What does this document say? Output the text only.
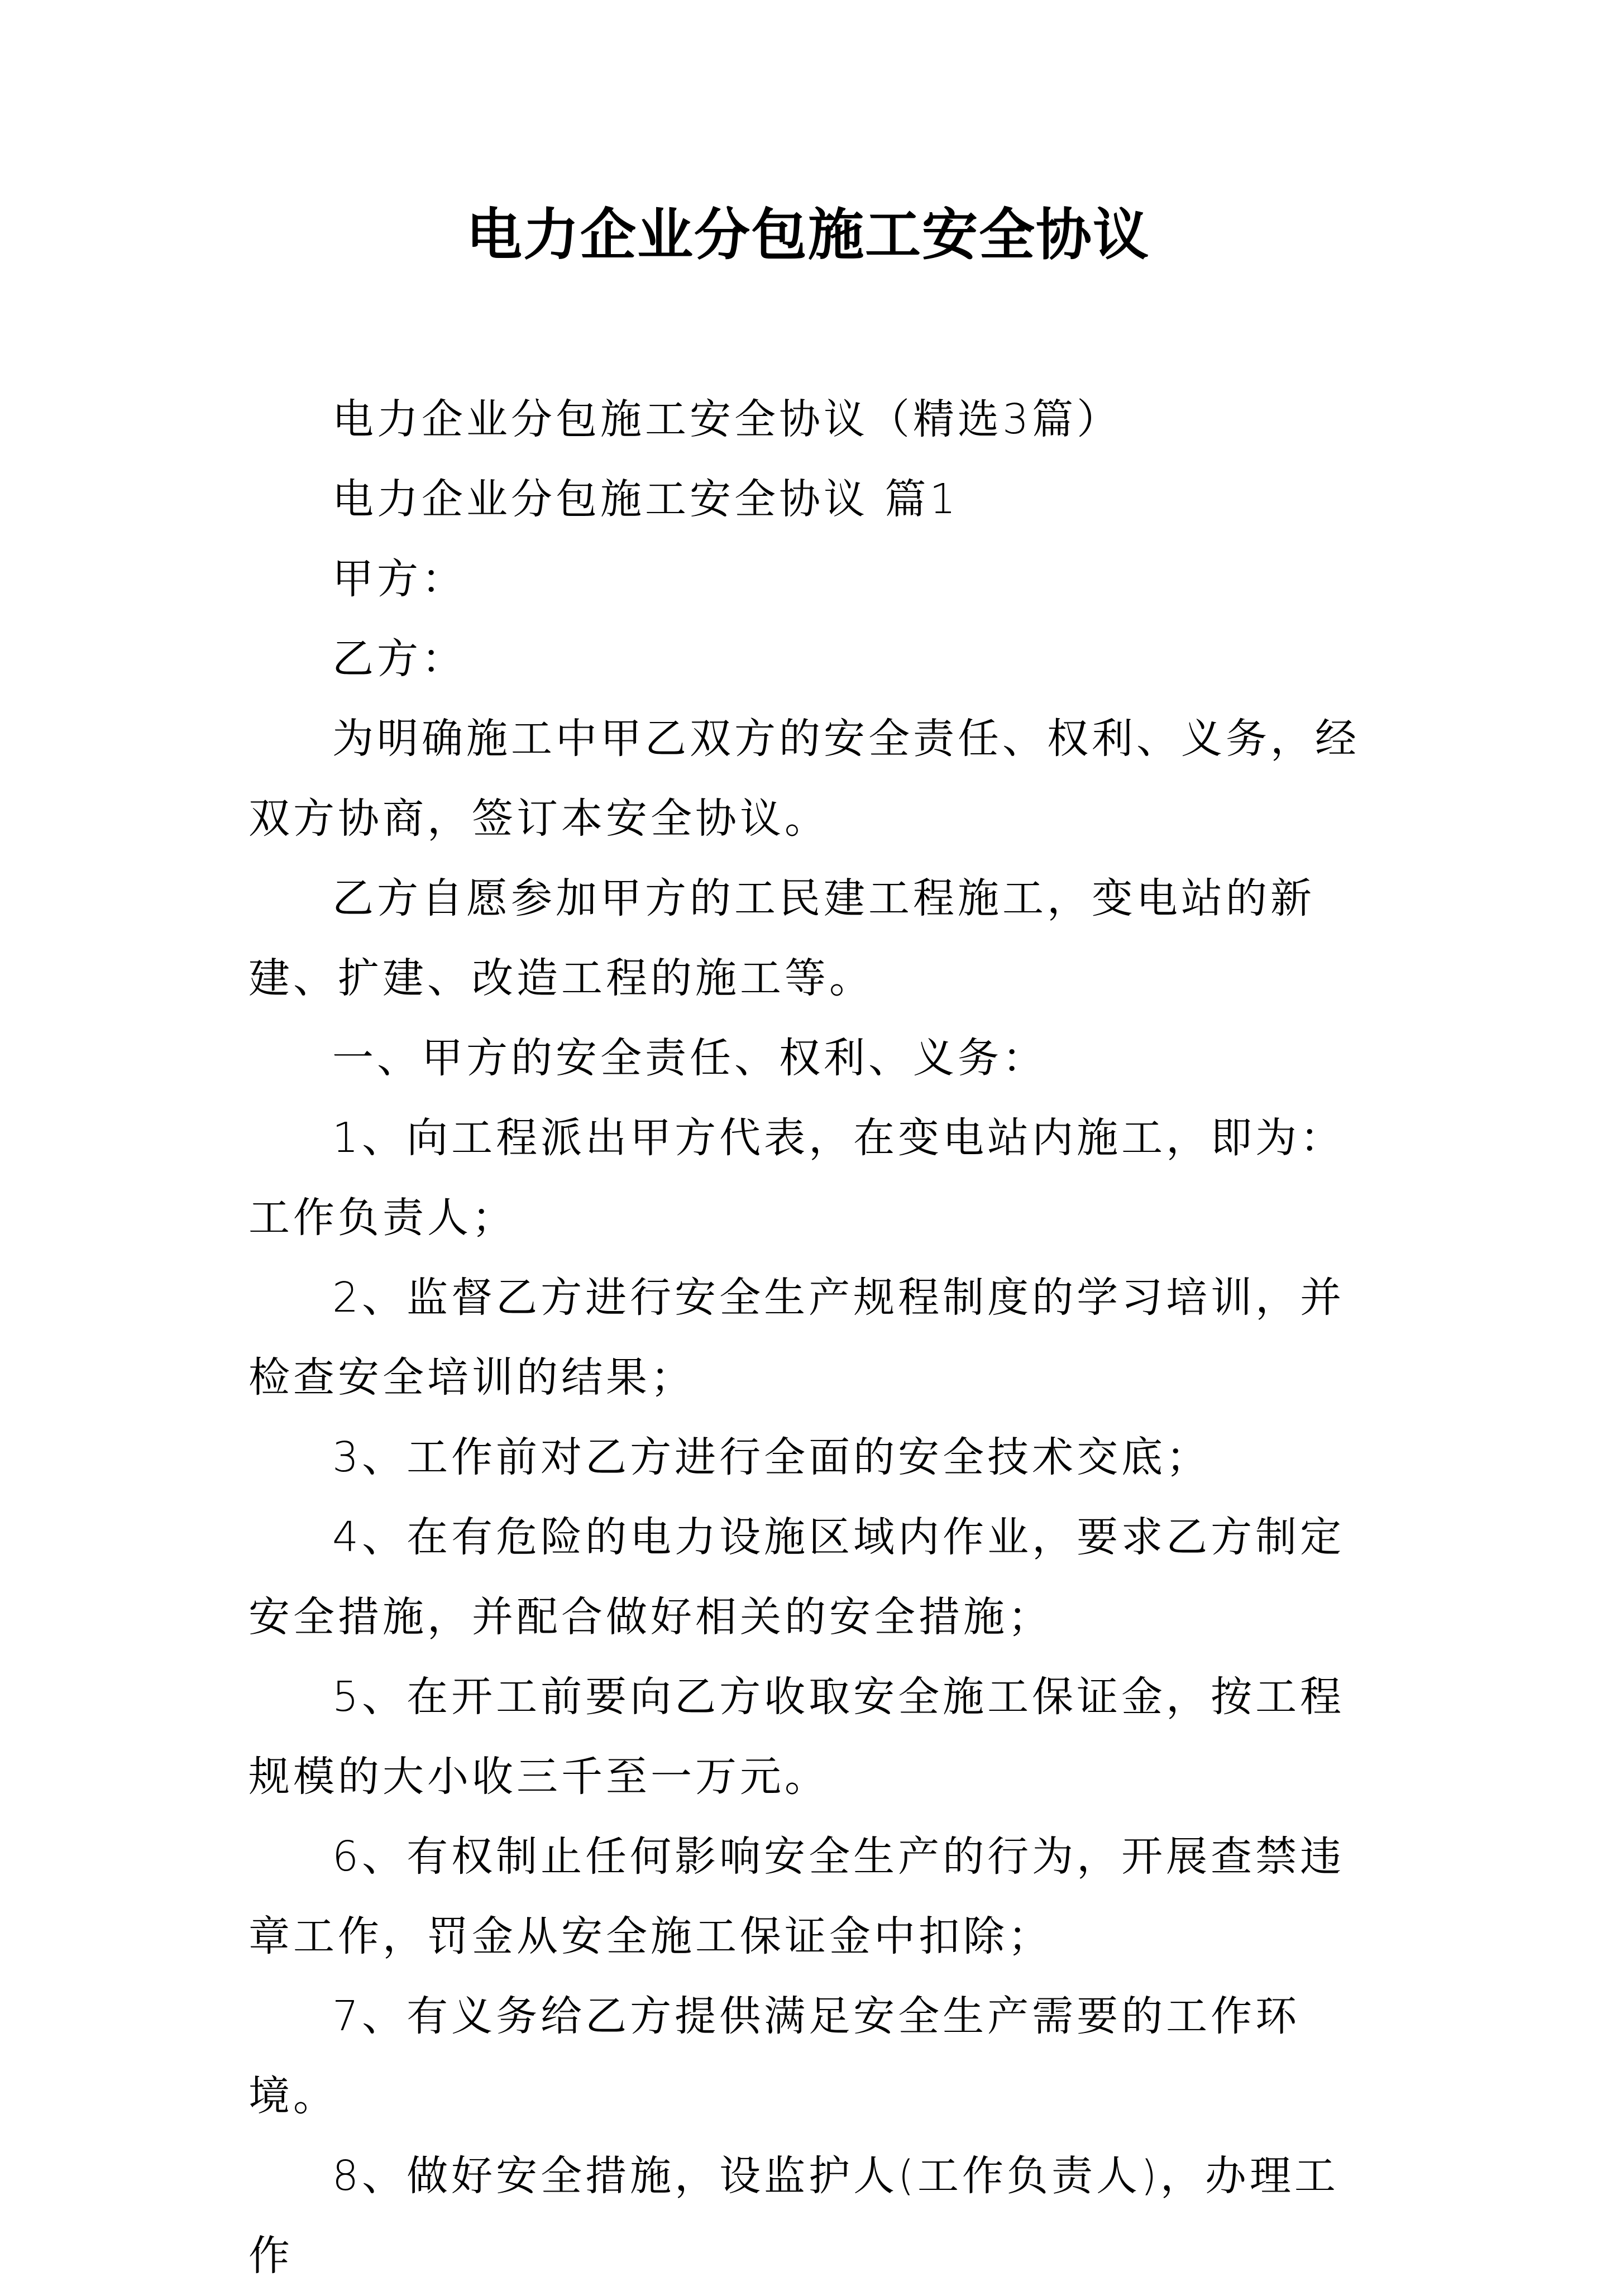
电力企业分包施工安全协议

电力企业分包施工安全协议（精选3篇）

电力企业分包施工安全协议 篇1

甲方：

乙方：

为明确施工中甲乙双方的安全责任、权利、义务，经双方协商，签订本安全协议。

乙方自愿参加甲方的工民建工程施工，变电站的新建、扩建、改造工程的施工等。

一、甲方的安全责任、权利、义务：

1、向工程派出甲方代表，在变电站内施工，即为：工作负责人；

2、监督乙方进行安全生产规程制度的学习培训，并检查安全培训的结果；

3、工作前对乙方进行全面的安全技术交底；

4、在有危险的电力设施区域内作业，要求乙方制定安全措施，并配合做好相关的安全措施；

5、在开工前要向乙方收取安全施工保证金，按工程规模的大小收三千至一万元。

6、有权制止任何影响安全生产的行为，开展查禁违章工作，罚金从安全施工保证金中扣除；

7、有义务给乙方提供满足安全生产需要的工作环境。

8、做好安全措施，设监护人(工作负责人)，办理工作
